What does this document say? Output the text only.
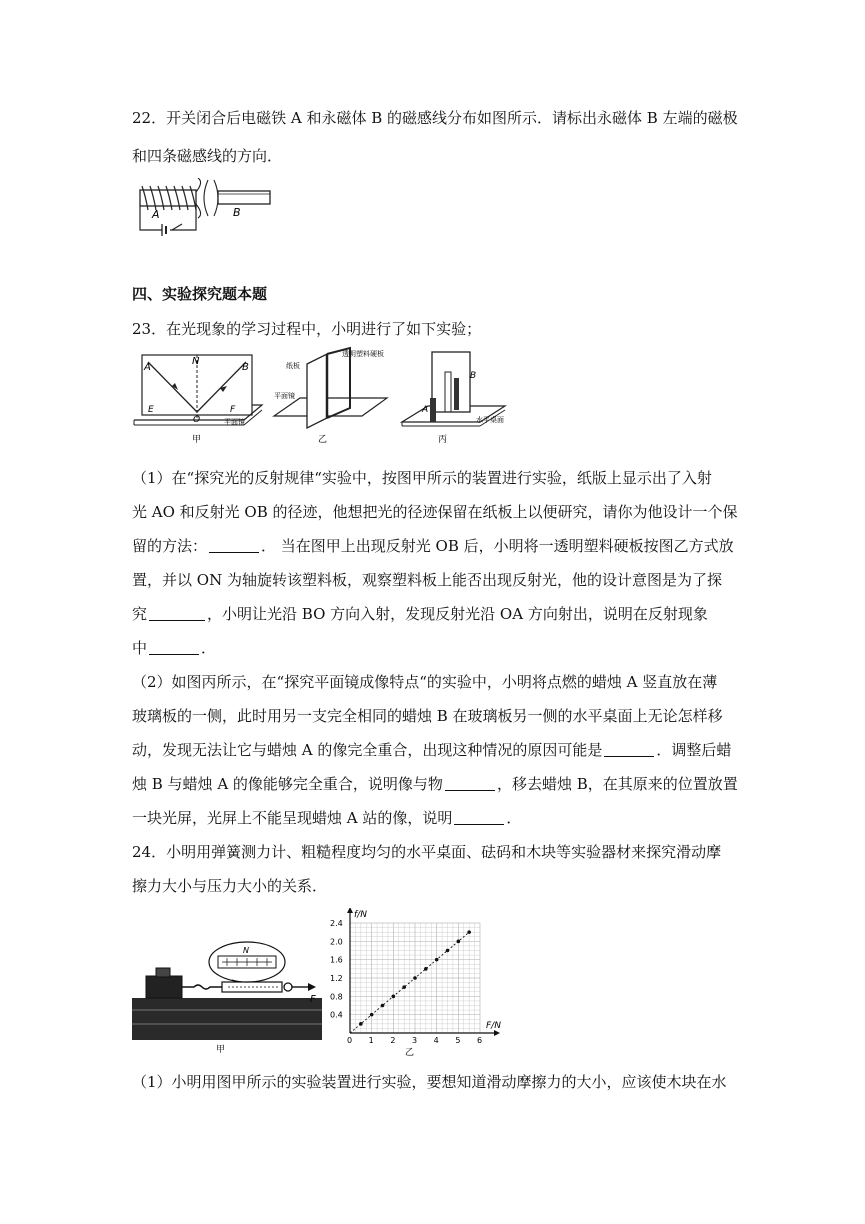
22．开关闭合后电磁铁 A 和永磁体 B 的磁感线分布如图所示．请标出永磁体 B 左端的磁极
和四条磁感线的方向．
B
A
四、实验探究题本题
23．在光现象的学习过程中，小明进行了如下实验；
A
N
B
O
E	F
平面镜
甲
纸板
透明塑料硬板
平面镜
乙
A
B
水平桌面
丙
（1）在“探究光的反射规律“实验中，按图甲所示的装置进行实验，纸版上显示出了入射
光 AO 和反射光 OB 的径迹，他想把光的径迹保留在纸板上以便研究，请你为他设计一个保
留的方法：	． 当在图甲上出现反射光 OB 后，小明将一透明塑料硬板按图乙方式放
置，并以 ON 为轴旋转该塑料板，观察塑料板上能否出现反射光，他的设计意图是为了探
究	，小明让光沿 BO 方向入射，发现反射光沿 OA 方向射出，说明在反射现象
中	．
（2）如图丙所示，在“探究平面镜成像特点“的实验中，小明将点燃的蜡烛 A 竖直放在薄
玻璃板的一侧，此时用另一支完全相同的蜡烛 B 在玻璃板另一侧的水平桌面上无论怎样移
动，发现无法让它与蜡烛 A 的像完全重合，出现这种情况的原因可能是	．调整后蜡
烛 B 与蜡烛 A 的像能够完全重合，说明像与物	，移去蜡烛 B，在其原来的位置放置
一块光屏，光屏上不能呈现蜡烛 A 站的像，说明	．
24．小明用弹簧测力计、粗糙程度均匀的水平桌面、砝码和木块等实验器材来探究滑动摩
擦力大小与压力大小的关系．
N
F
甲
0 1 2 3 4 5 6
0.4
0.8
1.2
1.6
2.0
2.4
f/N
F/N
乙
（1）小明用图甲所示的实验装置进行实验，要想知道滑动摩擦力的大小，应该使木块在水
